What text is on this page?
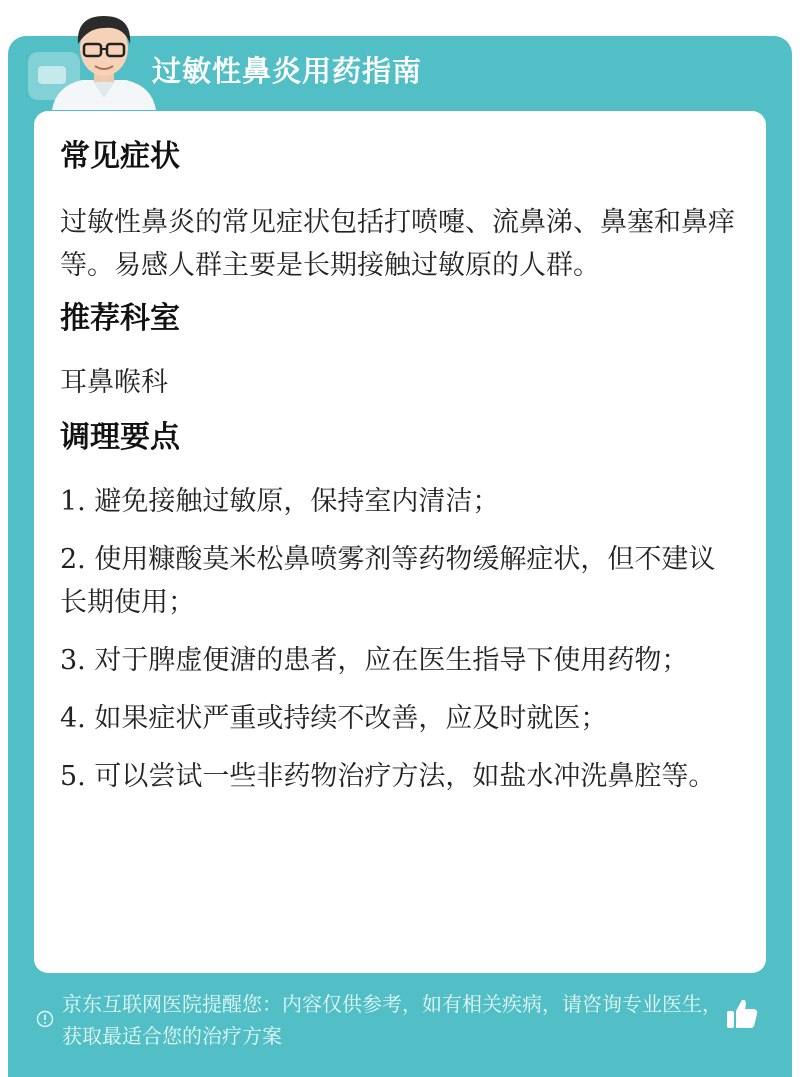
过敏性鼻炎用药指南
常见症状

过敏性鼻炎的常见症状包括打喷嚏、流鼻涕、鼻塞和鼻痒等。易感人群主要是长期接触过敏原的人群。

推荐科室

耳鼻喉科

调理要点

1. 避免接触过敏原，保持室内清洁；

2. 使用糠酸莫米松鼻喷雾剂等药物缓解症状，但不建议长期使用；

3. 对于脾虚便溏的患者，应在医生指导下使用药物；

4. 如果症状严重或持续不改善，应及时就医；

5. 可以尝试一些非药物治疗方法，如盐水冲洗鼻腔等。

京东互联网医院提醒您：内容仅供参考，如有相关疾病，请咨询专业医生，获取最适合您的治疗方案
